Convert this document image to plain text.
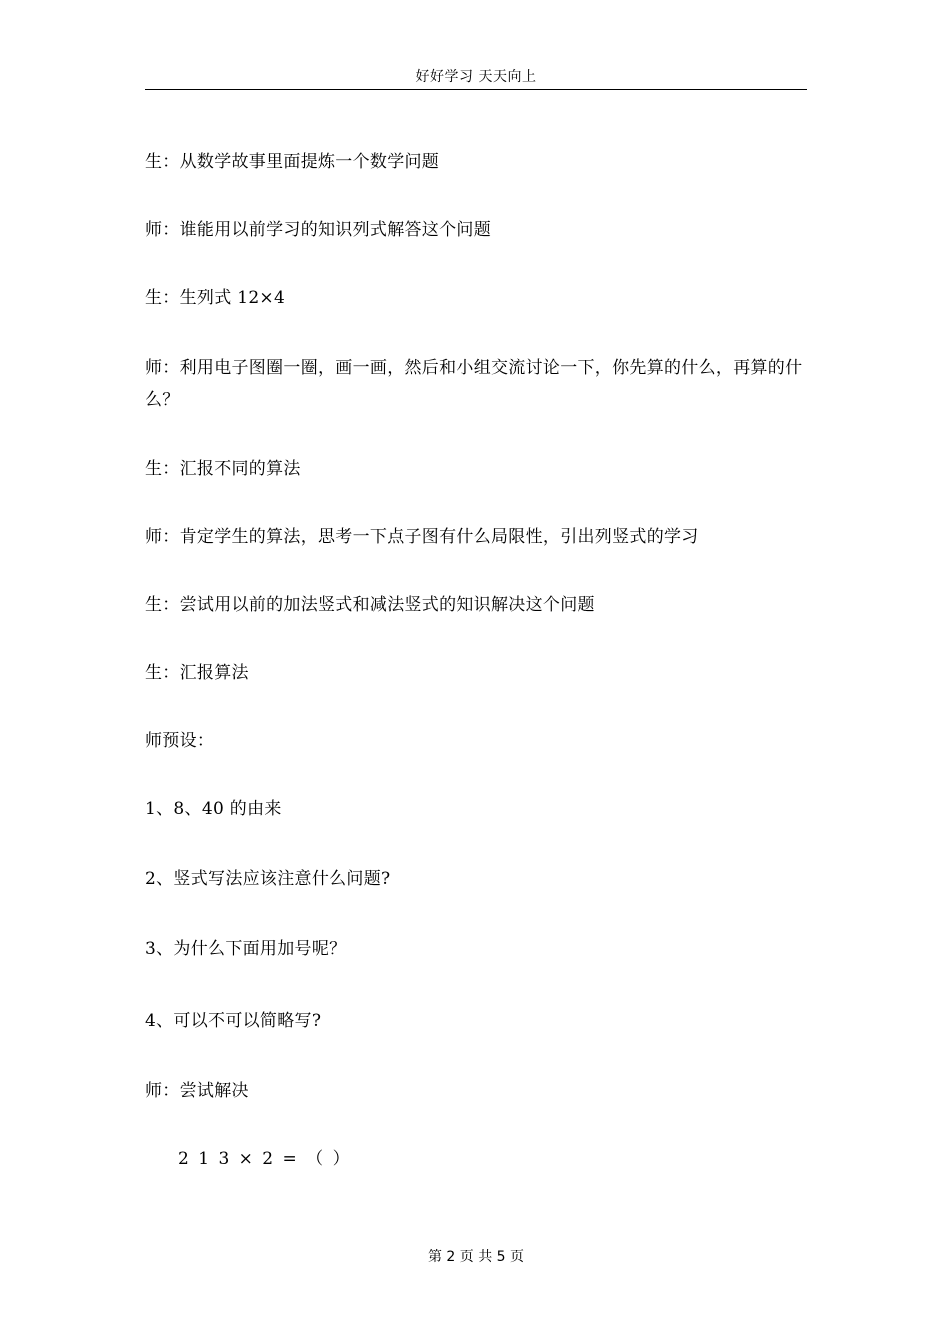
好好学习 天天向上
生：从数学故事里面提炼一个数学问题
师：谁能用以前学习的知识列式解答这个问题
生：生列式 12×4
师：利用电子图圈一圈，画一画，然后和小组交流讨论一下，你先算的什么，再算的什么？
生：汇报不同的算法
师：肯定学生的算法，思考一下点子图有什么局限性，引出列竖式的学习
生：尝试用以前的加法竖式和减法竖式的知识解决这个问题
生：汇报算法
师预设：
1、8、40 的由来
2、竖式写法应该注意什么问题?
3、为什么下面用加号呢？
4、可以不可以简略写?
师：尝试解决
2 1 3 × 2 = （ ）
第 2 页 共 5 页
